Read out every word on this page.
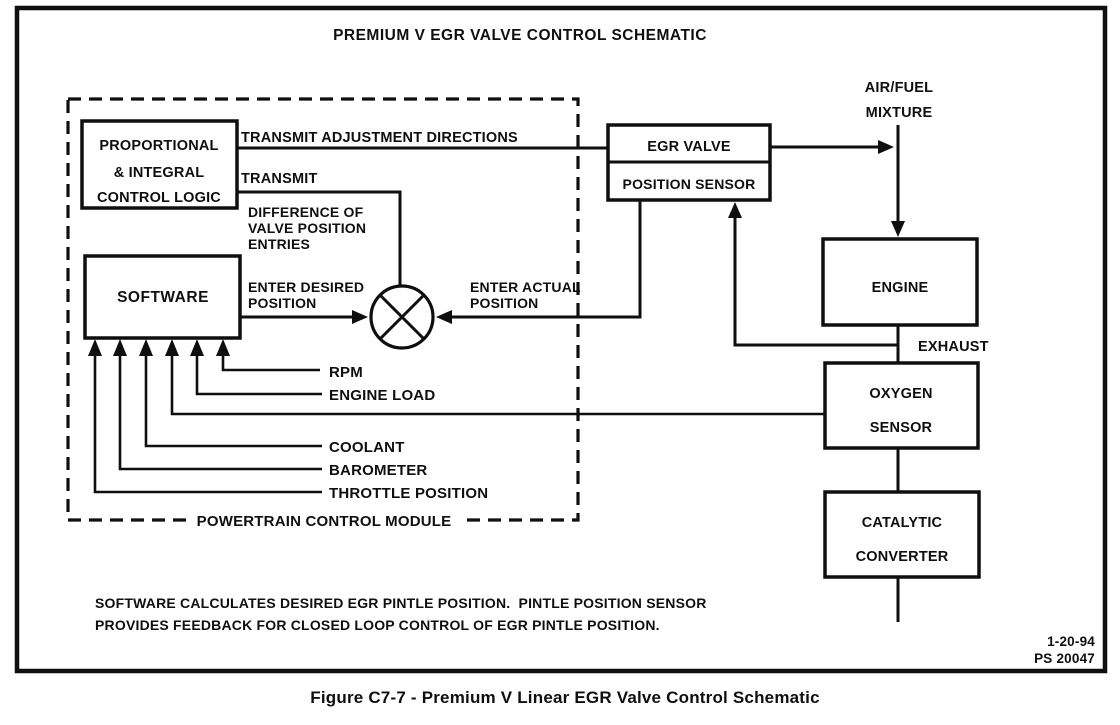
PREMIUM V EGR VALVE CONTROL SCHEMATIC
PROPORTIONAL
& INTEGRAL
CONTROL LOGIC
SOFTWARE
EGR VALVE
POSITION SENSOR
ENGINE
OXYGEN
SENSOR
CATALYTIC
CONVERTER
TRANSMIT ADJUSTMENT DIRECTIONS
TRANSMIT
DIFFERENCE OF
VALVE POSITION
ENTRIES
ENTER DESIRED
POSITION
ENTER ACTUAL
POSITION
AIR/FUEL
MIXTURE
EXHAUST
RPM
ENGINE LOAD
COOLANT
BAROMETER
THROTTLE POSITION
POWERTRAIN CONTROL MODULE
SOFTWARE CALCULATES DESIRED EGR PINTLE POSITION.  PINTLE POSITION SENSOR
PROVIDES FEEDBACK FOR CLOSED LOOP CONTROL OF EGR PINTLE POSITION.
1-20-94
PS 20047
Figure C7-7 - Premium V Linear EGR Valve Control Schematic
